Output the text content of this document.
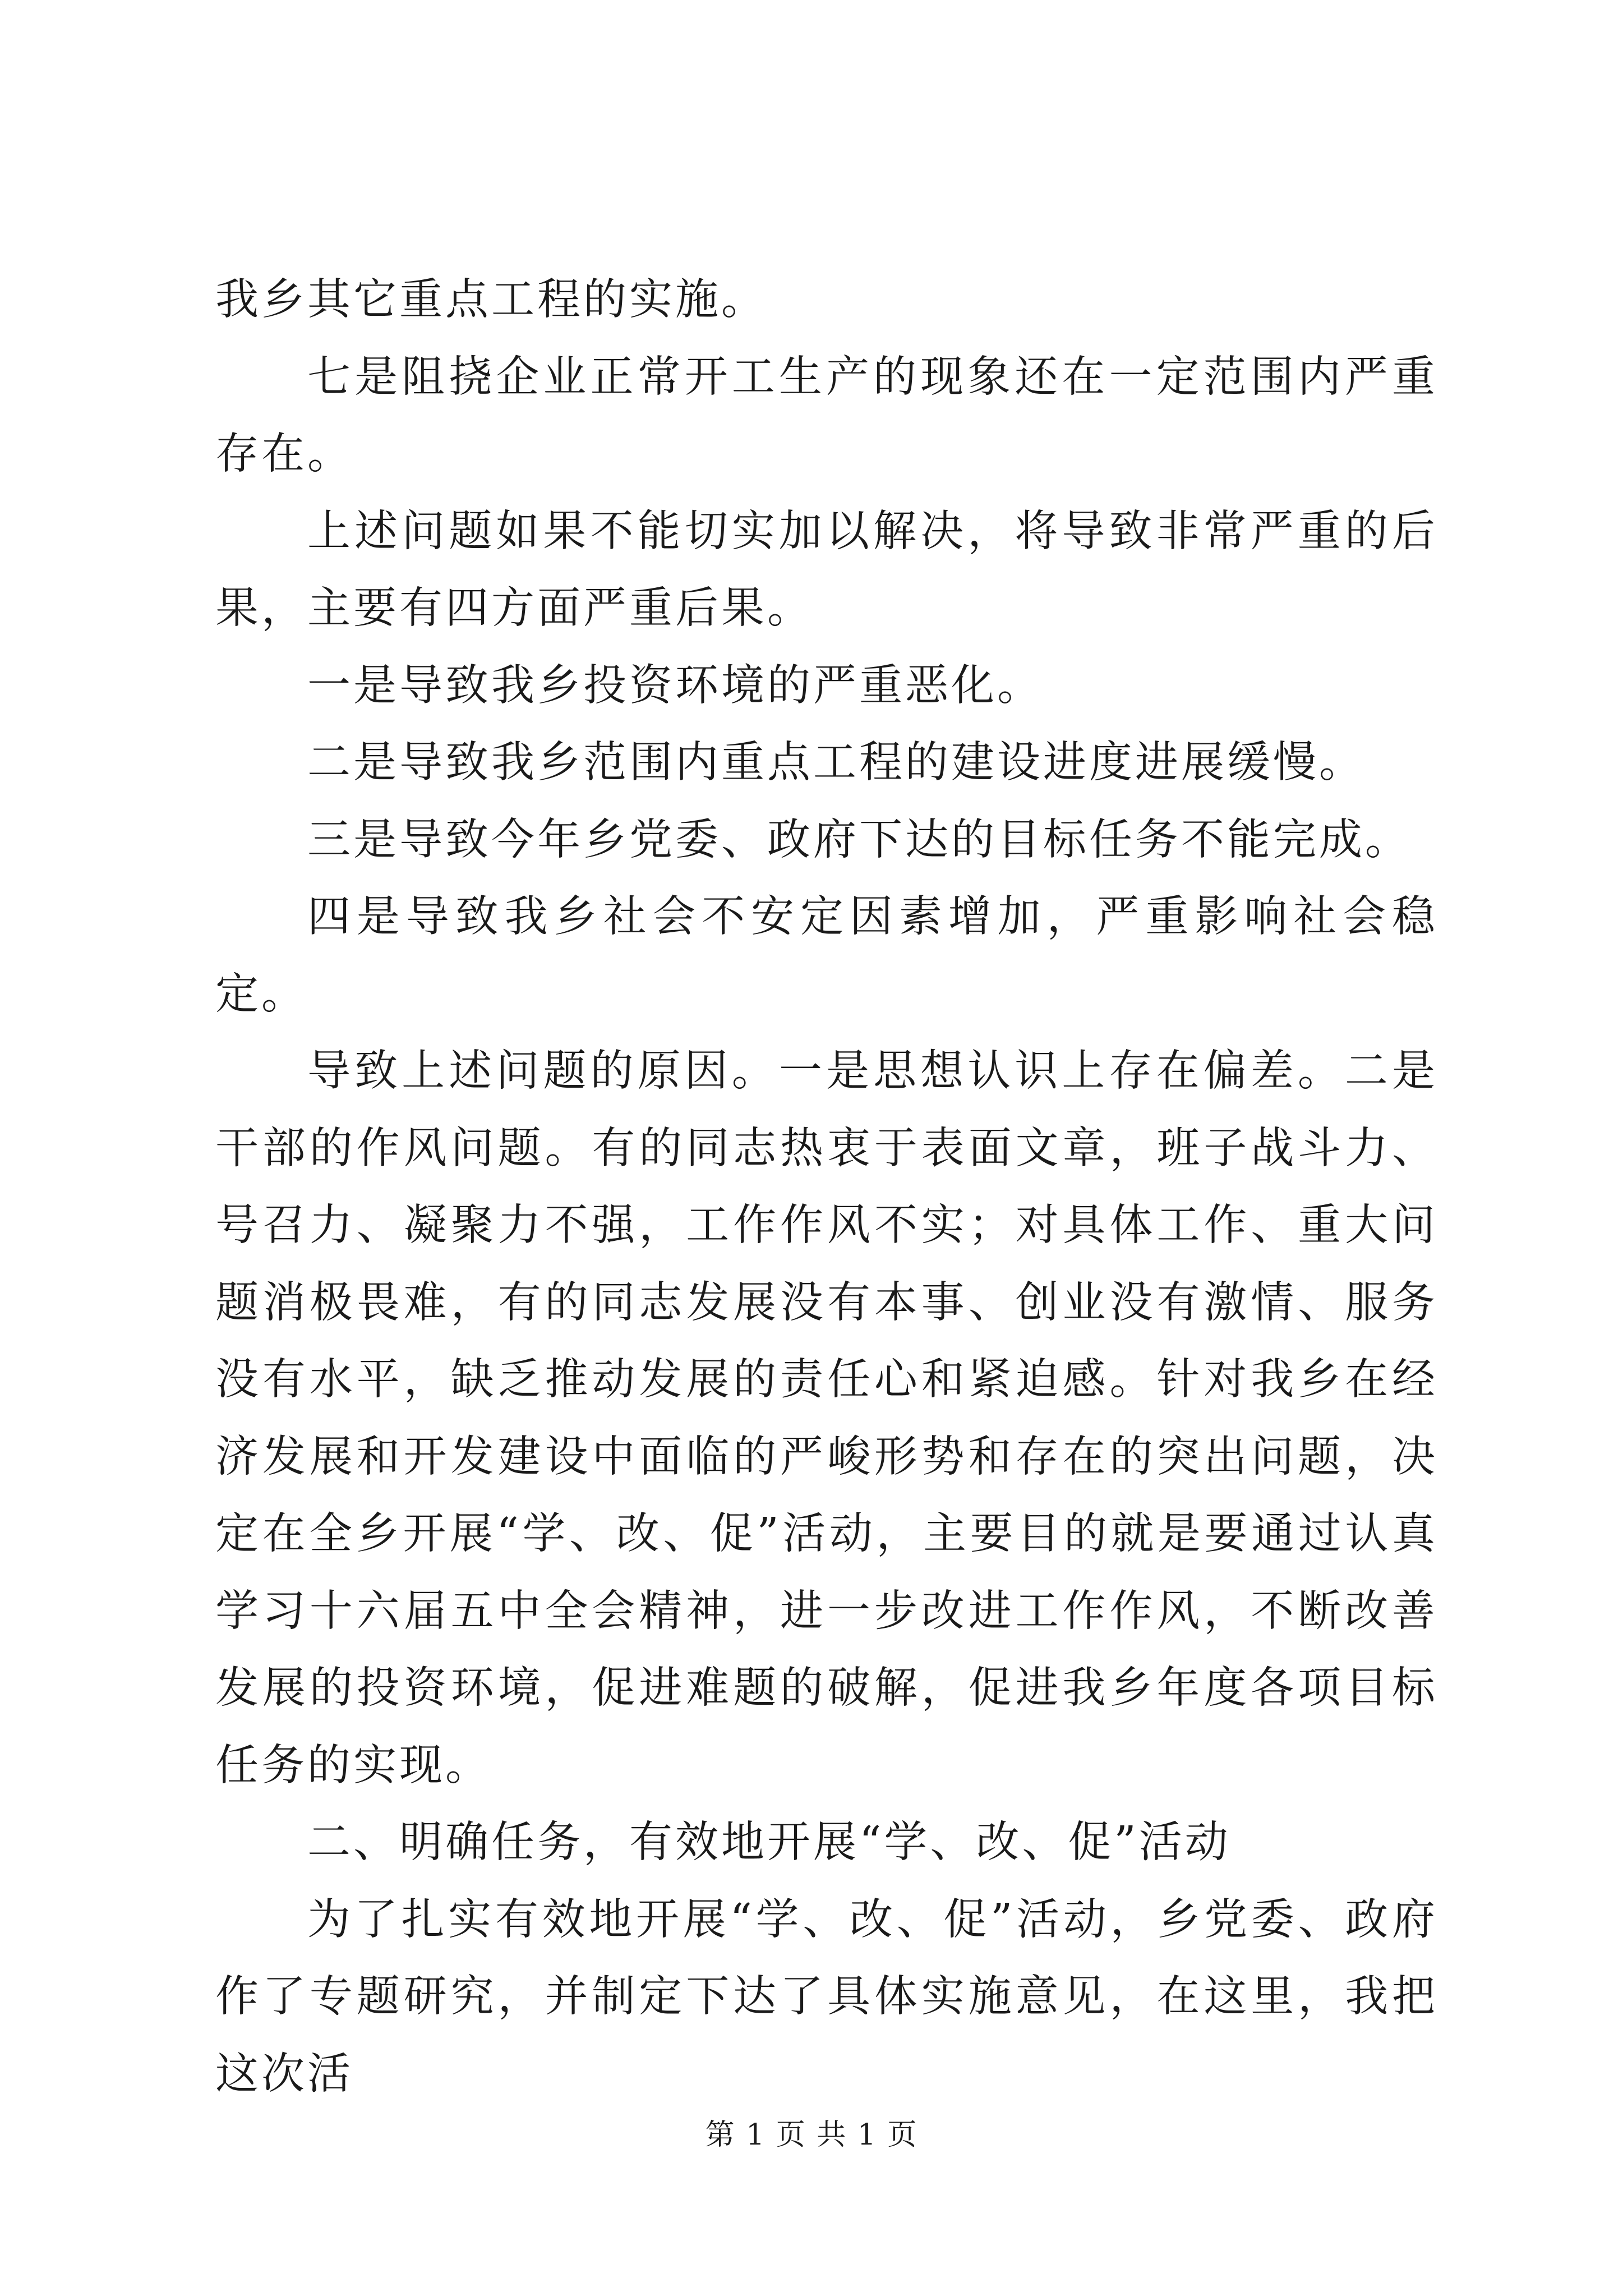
我乡其它重点工程的实施。

七是阻挠企业正常开工生产的现象还在一定范围内严重存在。

上述问题如果不能切实加以解决，将导致非常严重的后果，主要有四方面严重后果。

一是导致我乡投资环境的严重恶化。

二是导致我乡范围内重点工程的建设进度进展缓慢。

三是导致今年乡党委、政府下达的目标任务不能完成。

四是导致我乡社会不安定因素增加，严重影响社会稳定。

导致上述问题的原因。一是思想认识上存在偏差。二是干部的作风问题。有的同志热衷于表面文章，班子战斗力、号召力、凝聚力不强，工作作风不实；对具体工作、重大问题消极畏难，有的同志发展没有本事、创业没有激情、服务没有水平，缺乏推动发展的责任心和紧迫感。针对我乡在经济发展和开发建设中面临的严峻形势和存在的突出问题，决定在全乡开展“学、改、促”活动，主要目的就是要通过认真学习十六届五中全会精神，进一步改进工作作风，不断改善发展的投资环境，促进难题的破解，促进我乡年度各项目标任务的实现。

二、明确任务，有效地开展“学、改、促”活动

为了扎实有效地开展“学、改、促”活动，乡党委、政府作了专题研究，并制定下达了具体实施意见，在这里，我把这次活

第 1 页 共 1 页
